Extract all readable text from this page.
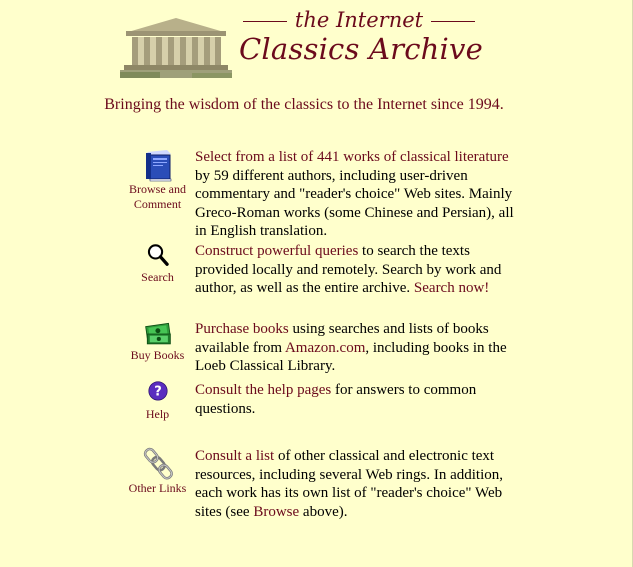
the Internet
Classics Archive
Bringing the wisdom of the classics to the Internet since 1994.
Browse and
Comment
Select from a list of 441 works of classical literature by 59 different authors, including user-driven commentary and "reader's choice" Web sites. Mainly Greco-Roman works (some Chinese and Persian), all in English translation.
Search
Construct powerful queries to search the texts provided locally and remotely. Search by work and author, as well as the entire archive. Search now!
Buy Books
Purchase books using searches and lists of books available from Amazon.com, including books in the Loeb Classical Library.
?
Help
Consult the help pages for answers to common questions.
Other Links
Consult a list of other classical and electronic text resources, including several Web rings. In addition, each work has its own list of "reader's choice" Web sites (see Browse above).
